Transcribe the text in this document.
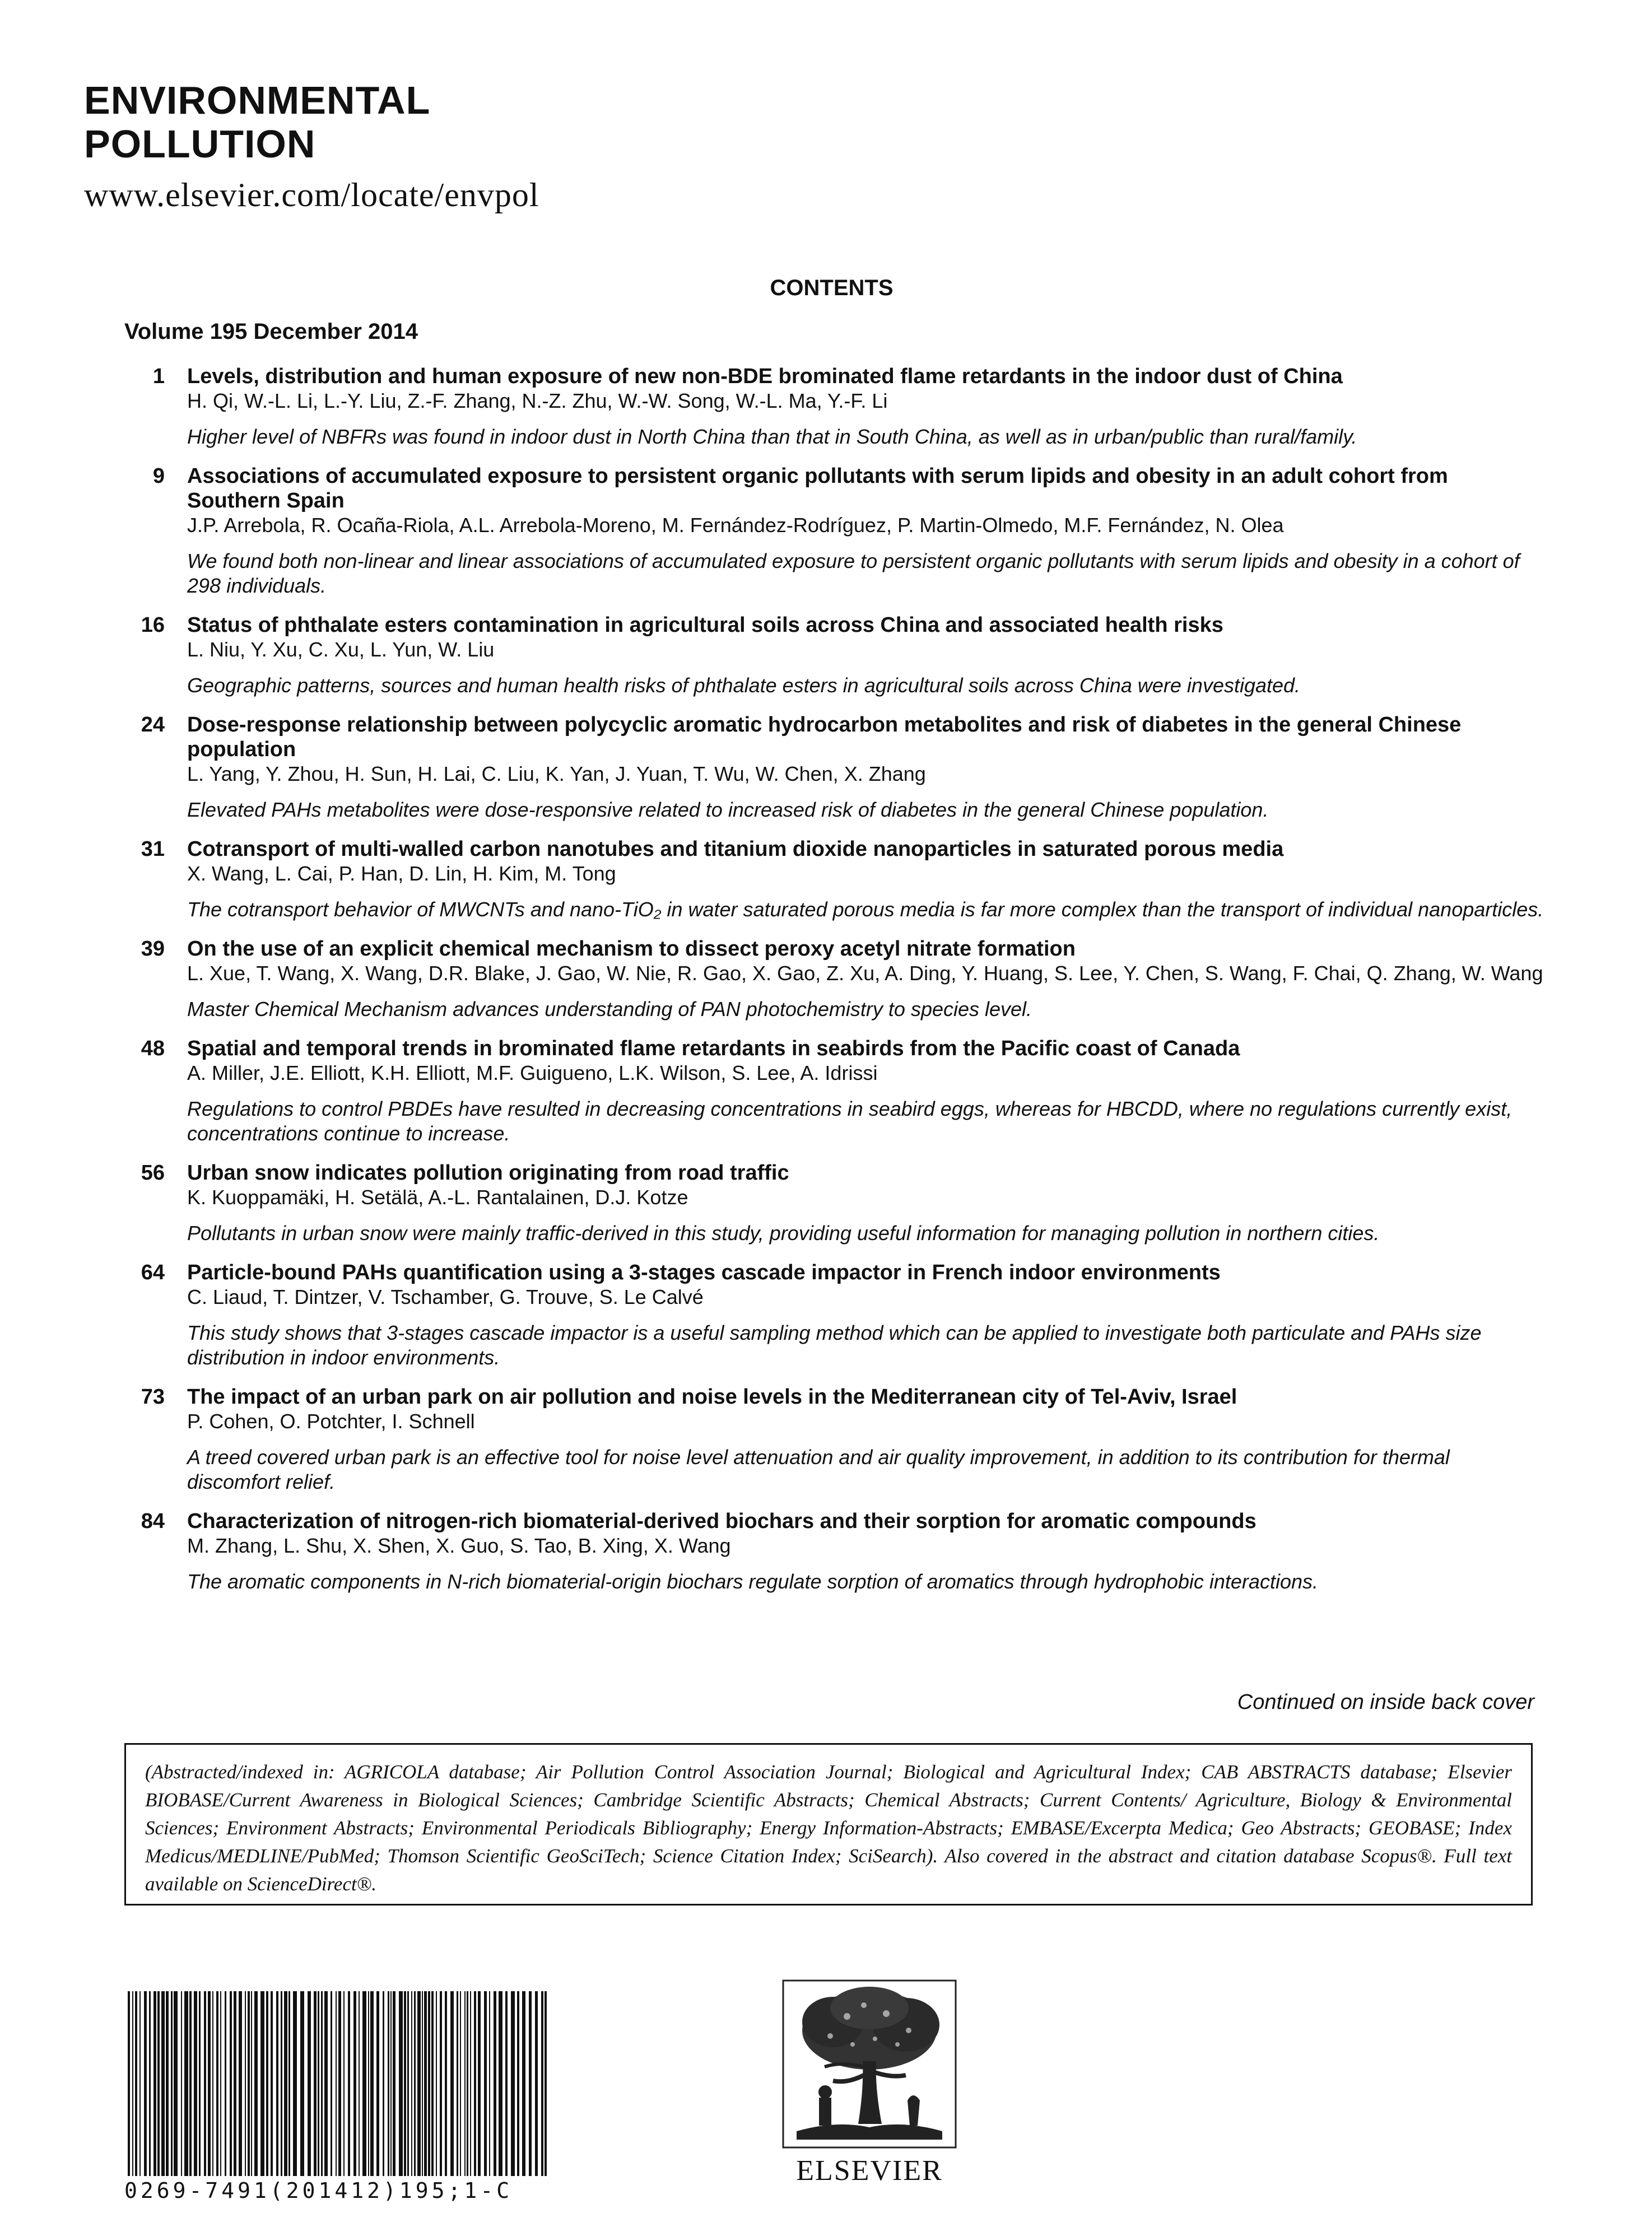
ENVIRONMENTAL
POLLUTION
www.elsevier.com/locate/envpol
CONTENTS
Volume 195 December 2014
1 Levels, distribution and human exposure of new non-BDE brominated flame retardants in the indoor dust of China
H. Qi, W.-L. Li, L.-Y. Liu, Z.-F. Zhang, N.-Z. Zhu, W.-W. Song, W.-L. Ma, Y.-F. Li
Higher level of NBFRs was found in indoor dust in North China than that in South China, as well as in urban/public than rural/family.
9 Associations of accumulated exposure to persistent organic pollutants with serum lipids and obesity in an adult cohort from Southern Spain
J.P. Arrebola, R. Ocaña-Riola, A.L. Arrebola-Moreno, M. Fernández-Rodríguez, P. Martin-Olmedo, M.F. Fernández, N. Olea
We found both non-linear and linear associations of accumulated exposure to persistent organic pollutants with serum lipids and obesity in a cohort of 298 individuals.
16 Status of phthalate esters contamination in agricultural soils across China and associated health risks
L. Niu, Y. Xu, C. Xu, L. Yun, W. Liu
Geographic patterns, sources and human health risks of phthalate esters in agricultural soils across China were investigated.
24 Dose-response relationship between polycyclic aromatic hydrocarbon metabolites and risk of diabetes in the general Chinese population
L. Yang, Y. Zhou, H. Sun, H. Lai, C. Liu, K. Yan, J. Yuan, T. Wu, W. Chen, X. Zhang
Elevated PAHs metabolites were dose-responsive related to increased risk of diabetes in the general Chinese population.
31 Cotransport of multi-walled carbon nanotubes and titanium dioxide nanoparticles in saturated porous media
X. Wang, L. Cai, P. Han, D. Lin, H. Kim, M. Tong
The cotransport behavior of MWCNTs and nano-TiO₂ in water saturated porous media is far more complex than the transport of individual nanoparticles.
39 On the use of an explicit chemical mechanism to dissect peroxy acetyl nitrate formation
L. Xue, T. Wang, X. Wang, D.R. Blake, J. Gao, W. Nie, R. Gao, X. Gao, Z. Xu, A. Ding, Y. Huang, S. Lee, Y. Chen, S. Wang, F. Chai, Q. Zhang, W. Wang
Master Chemical Mechanism advances understanding of PAN photochemistry to species level.
48 Spatial and temporal trends in brominated flame retardants in seabirds from the Pacific coast of Canada
A. Miller, J.E. Elliott, K.H. Elliott, M.F. Guigueno, L.K. Wilson, S. Lee, A. Idrissi
Regulations to control PBDEs have resulted in decreasing concentrations in seabird eggs, whereas for HBCDD, where no regulations currently exist, concentrations continue to increase.
56 Urban snow indicates pollution originating from road traffic
K. Kuoppamäki, H. Setälä, A.-L. Rantalainen, D.J. Kotze
Pollutants in urban snow were mainly traffic-derived in this study, providing useful information for managing pollution in northern cities.
64 Particle-bound PAHs quantification using a 3-stages cascade impactor in French indoor environments
C. Liaud, T. Dintzer, V. Tschamber, G. Trouve, S. Le Calvé
This study shows that 3-stages cascade impactor is a useful sampling method which can be applied to investigate both particulate and PAHs size distribution in indoor environments.
73 The impact of an urban park on air pollution and noise levels in the Mediterranean city of Tel-Aviv, Israel
P. Cohen, O. Potchter, I. Schnell
A treed covered urban park is an effective tool for noise level attenuation and air quality improvement, in addition to its contribution for thermal discomfort relief.
84 Characterization of nitrogen-rich biomaterial-derived biochars and their sorption for aromatic compounds
M. Zhang, L. Shu, X. Shen, X. Guo, S. Tao, B. Xing, X. Wang
The aromatic components in N-rich biomaterial-origin biochars regulate sorption of aromatics through hydrophobic interactions.
Continued on inside back cover
(Abstracted/indexed in: AGRICOLA database; Air Pollution Control Association Journal; Biological and Agricultural Index; CAB ABSTRACTS database; Elsevier BIOBASE/Current Awareness in Biological Sciences; Cambridge Scientific Abstracts; Chemical Abstracts; Current Contents/ Agriculture, Biology & Environmental Sciences; Environment Abstracts; Environmental Periodicals Bibliography; Energy Information-Abstracts; EMBASE/Excerpta Medica; Geo Abstracts; GEOBASE; Index Medicus/MEDLINE/PubMed; Thomson Scientific GeoSciTech; Science Citation Index; SciSearch). Also covered in the abstract and citation database Scopus®. Full text available on ScienceDirect®.
0269-7491(201412)195;1-C
ELSEVIER
